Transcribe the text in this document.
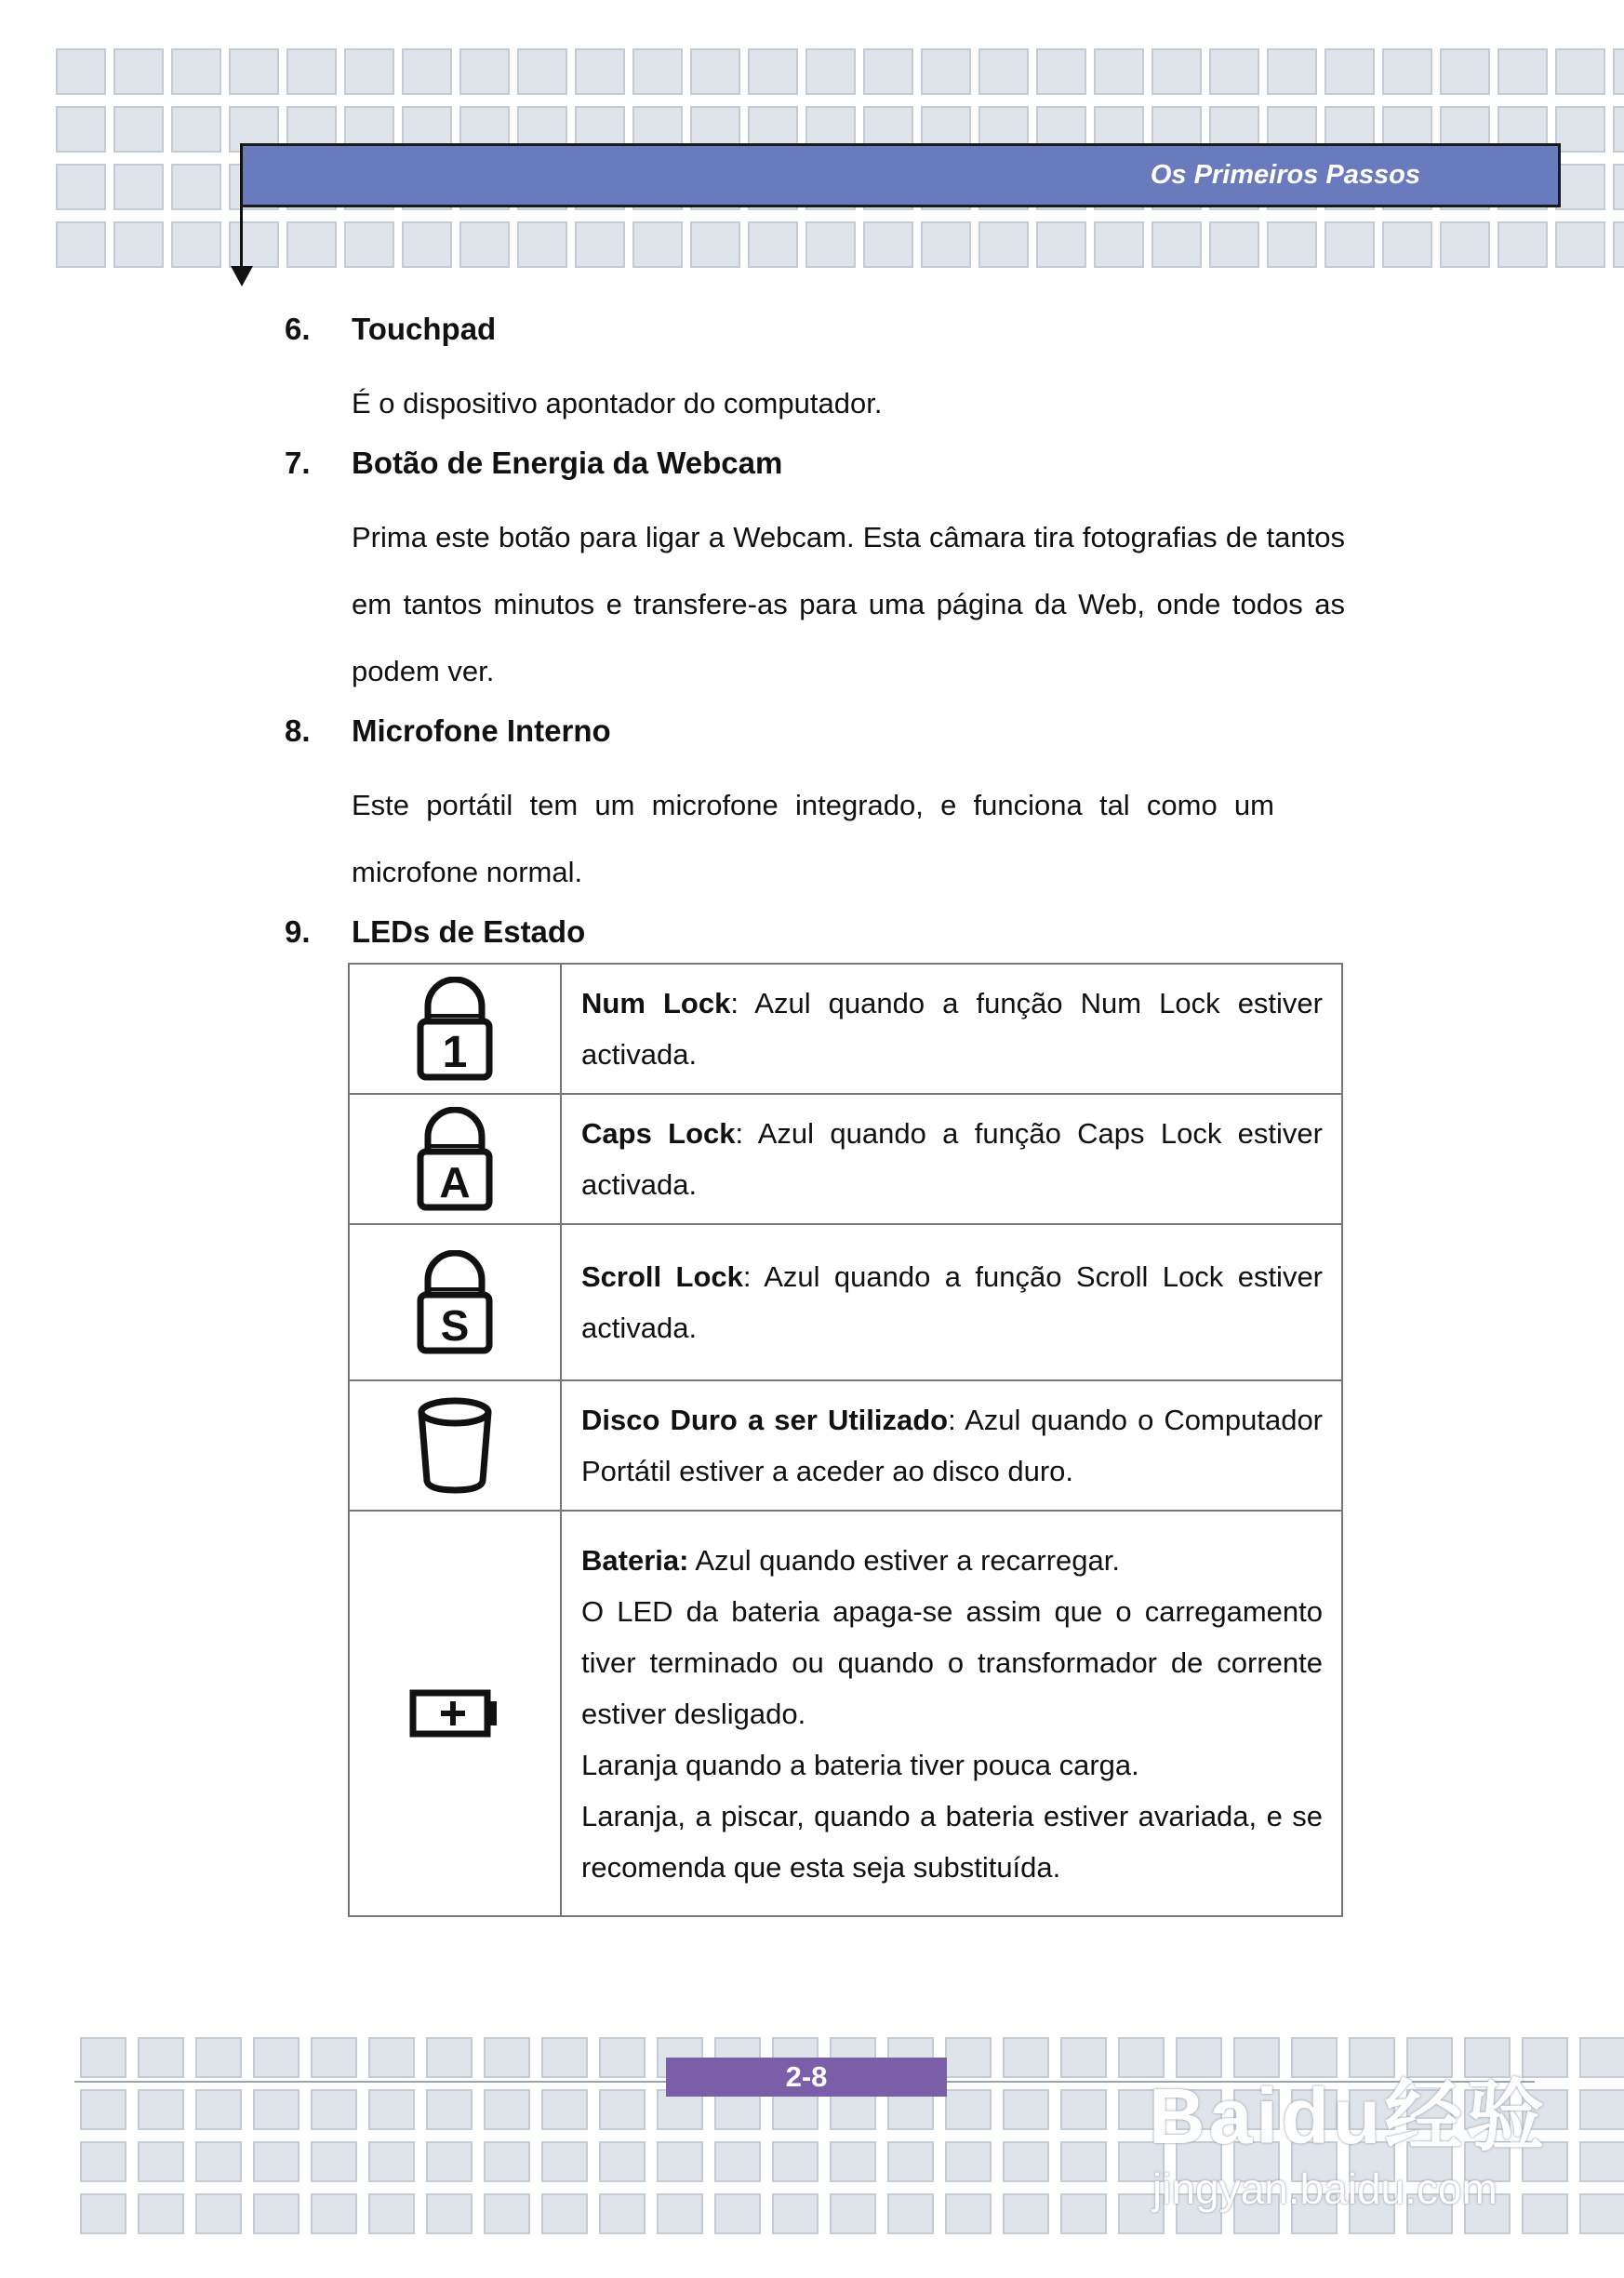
Os Primeiros Passos
6.	Touchpad
É o dispositivo apontador do computador.
7.	Botão de Energia da Webcam
Prima este botão para ligar a Webcam. Esta câmara tira fotografias de tantos em tantos minutos e transfere-as para uma página da Web, onde todos as podem ver.
8.	Microfone Interno
Este portátil tem um microfone integrado, e funciona tal como um microfone normal.
9.	LEDs de Estado
1	Num Lock: Azul quando a função Num Lock estiver activada.

A	Caps Lock: Azul quando a função Caps Lock estiver activada.

S	Scroll Lock: Azul quando a função Scroll Lock estiver activada.

	Disco Duro a ser Utilizado: Azul quando o Computador Portátil estiver a aceder ao disco duro.

Bateria: Azul quando estiver a recarregar.
O LED da bateria apaga-se assim que o carregamento tiver terminado ou quando o transformador de corrente estiver desligado.
Laranja quando a bateria tiver pouca carga.
Laranja, a piscar, quando a bateria estiver avariada, e se recomenda que esta seja substituída.
2-8	Baidu经验
jingyan.baidu.com
